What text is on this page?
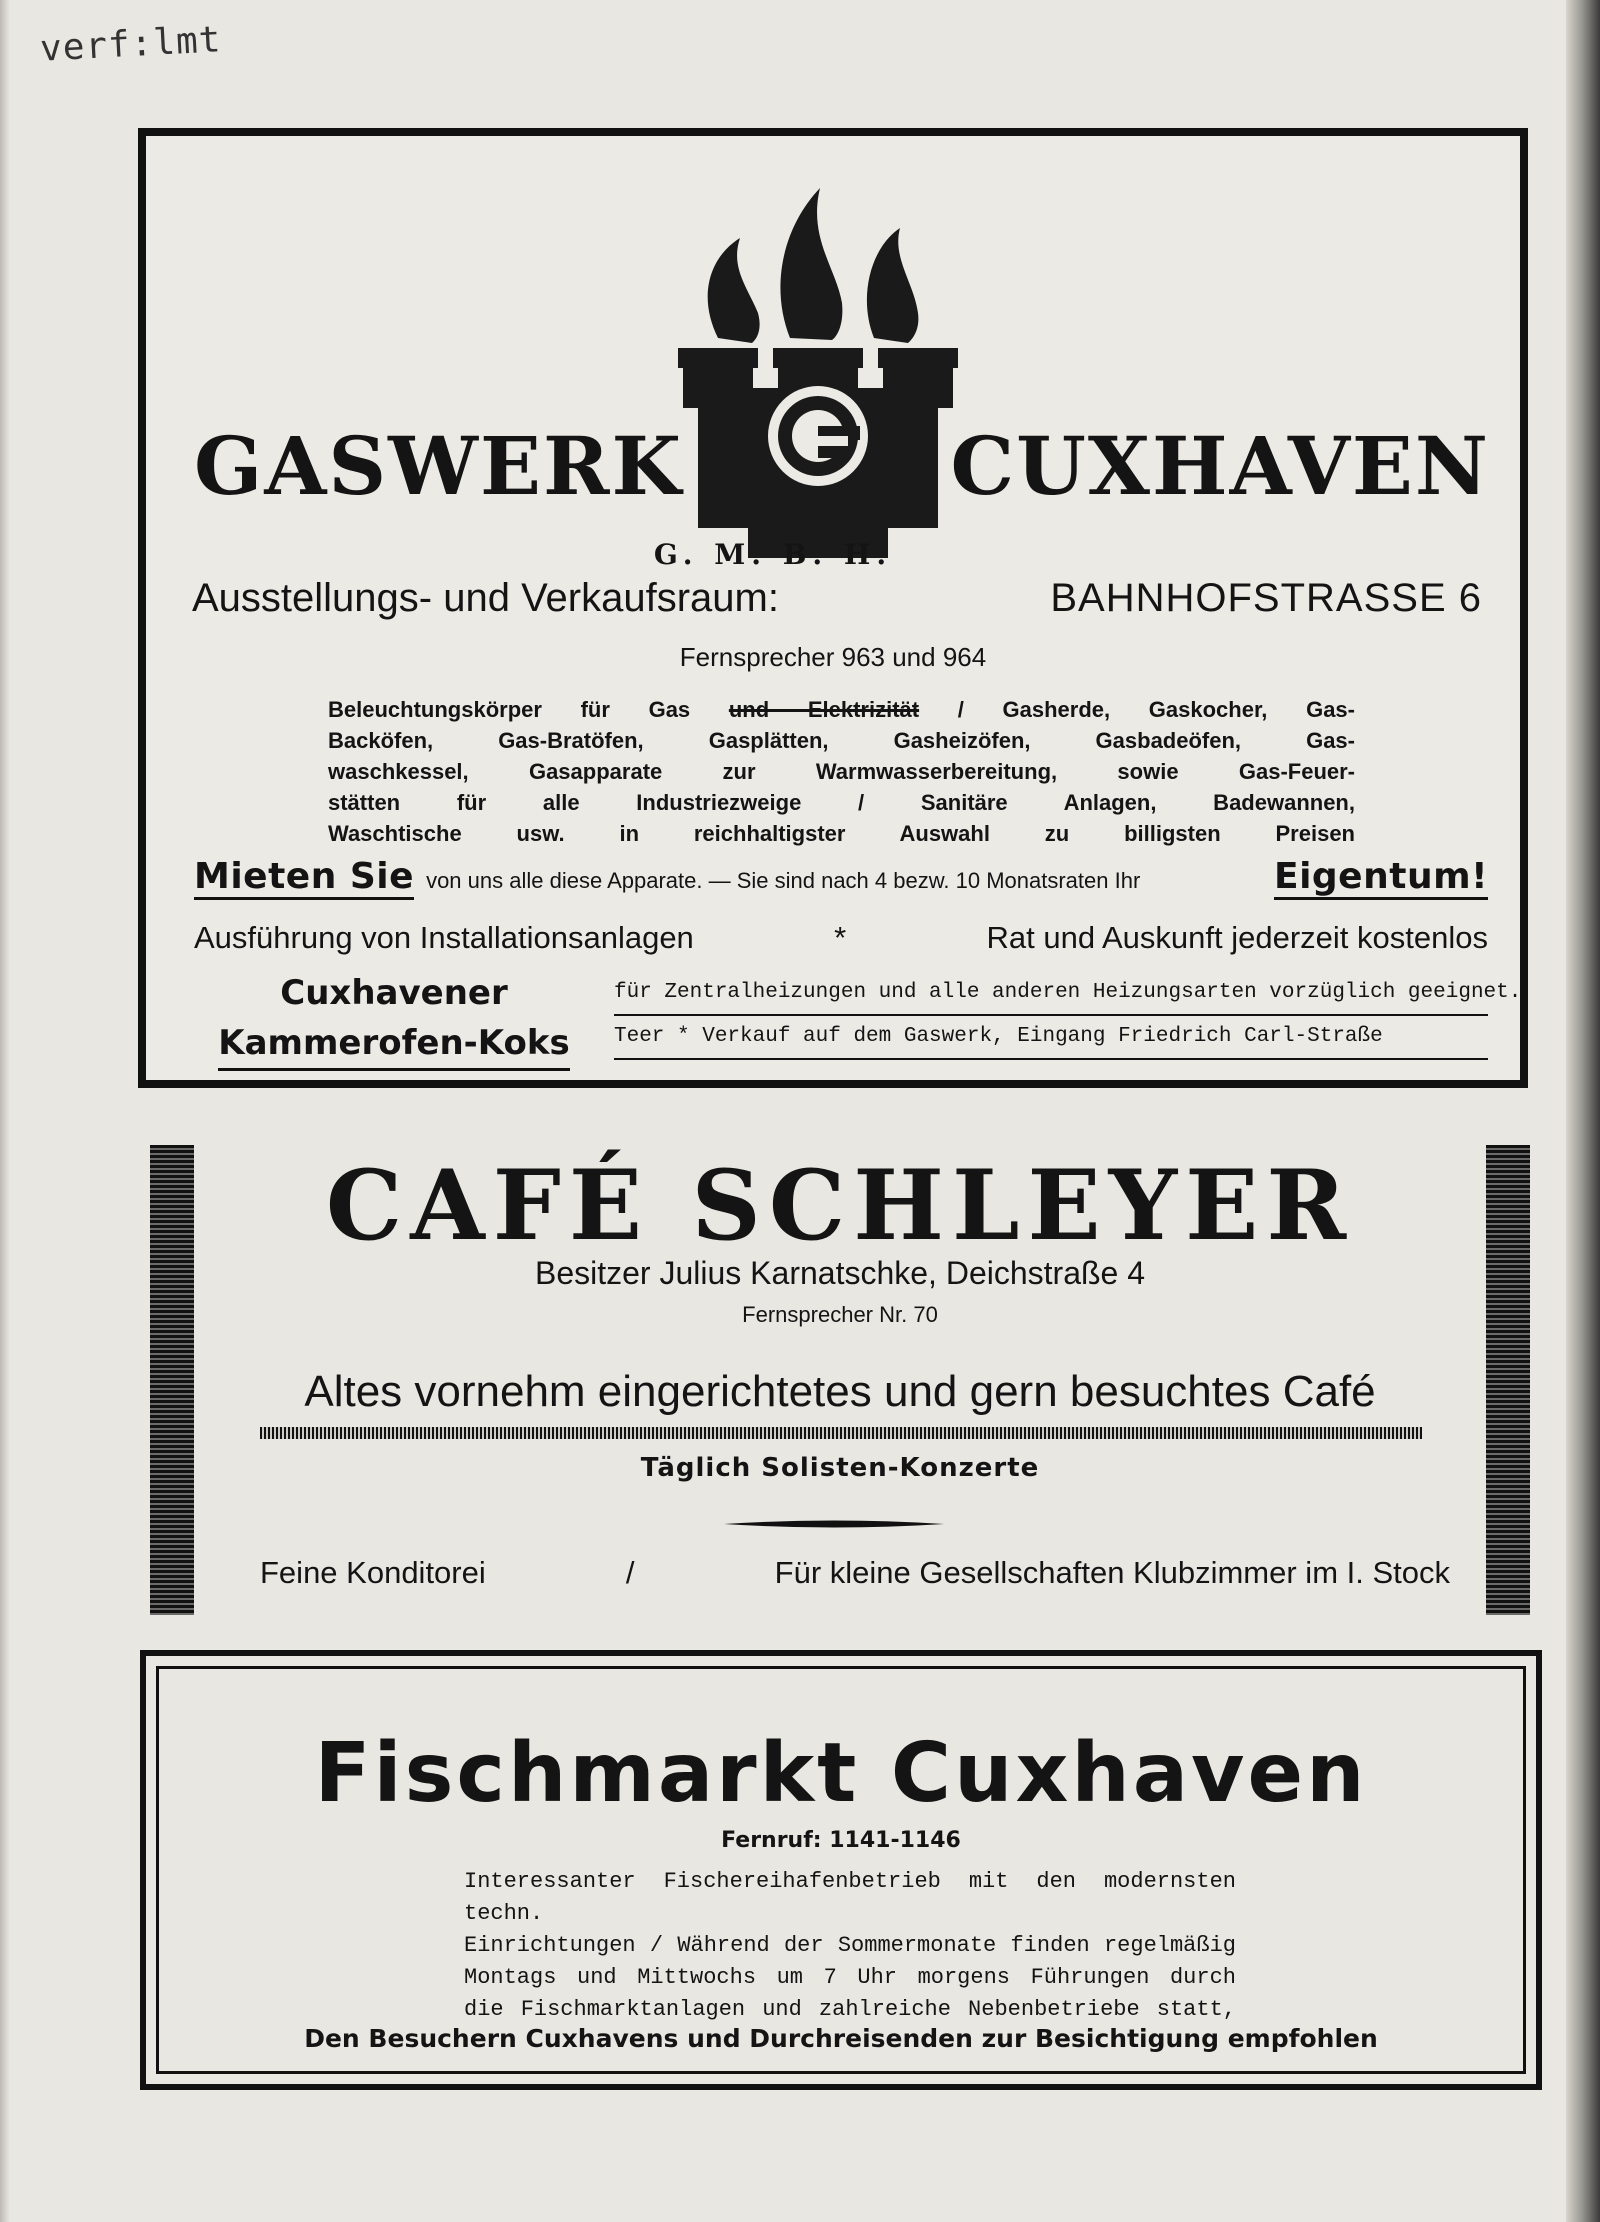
verf:lmt
GASWERK	CUXHAVEN
G. M. B. H.
Ausstellungs- und Verkaufsraum:	BAHNHOFSTRASSE 6
Fernsprecher 963 und 964
Beleuchtungskörper für Gas und Elektrizität / Gasherde, Gaskocher, Gas-
Backöfen, Gas-Bratöfen, Gasplätten, Gasheizöfen, Gasbadeöfen, Gas-
waschkessel, Gasapparate zur Warmwasserbereitung, sowie Gas-Feuer-
stätten für alle Industriezweige / Sanitäre Anlagen, Badewannen,
Waschtische usw. in reichhaltigster Auswahl zu billigsten Preisen
Mieten Sie von uns alle diese Apparate. — Sie sind nach 4 bezw. 10 Monatsraten Ihr	Eigentum!
Ausführung von Installationsanlagen	*	Rat und Auskunft jederzeit kostenlos
Cuxhavener
Kammerofen-Koks
für Zentralheizungen und alle anderen Heizungsarten vorzüglich geeignet.
Teer * Verkauf auf dem Gaswerk, Eingang Friedrich Carl-Straße
CAFÉ SCHLEYER
Besitzer Julius Karnatschke, Deichstraße 4
Fernsprecher Nr. 70
Altes vornehm eingerichtetes und gern besuchtes Café
Täglich Solisten-Konzerte
Feine Konditorei	/	Für kleine Gesellschaften Klubzimmer im I. Stock
Fischmarkt Cuxhaven
Fernruf: 1141-1146
Interessanter Fischereihafenbetrieb mit den modernsten techn.
Einrichtungen / Während der Sommermonate finden regelmäßig
Montags und Mittwochs um 7 Uhr morgens Führungen durch
die Fischmarktanlagen und zahlreiche Nebenbetriebe statt,
Den Besuchern Cuxhavens und Durchreisenden zur Besichtigung empfohlen
